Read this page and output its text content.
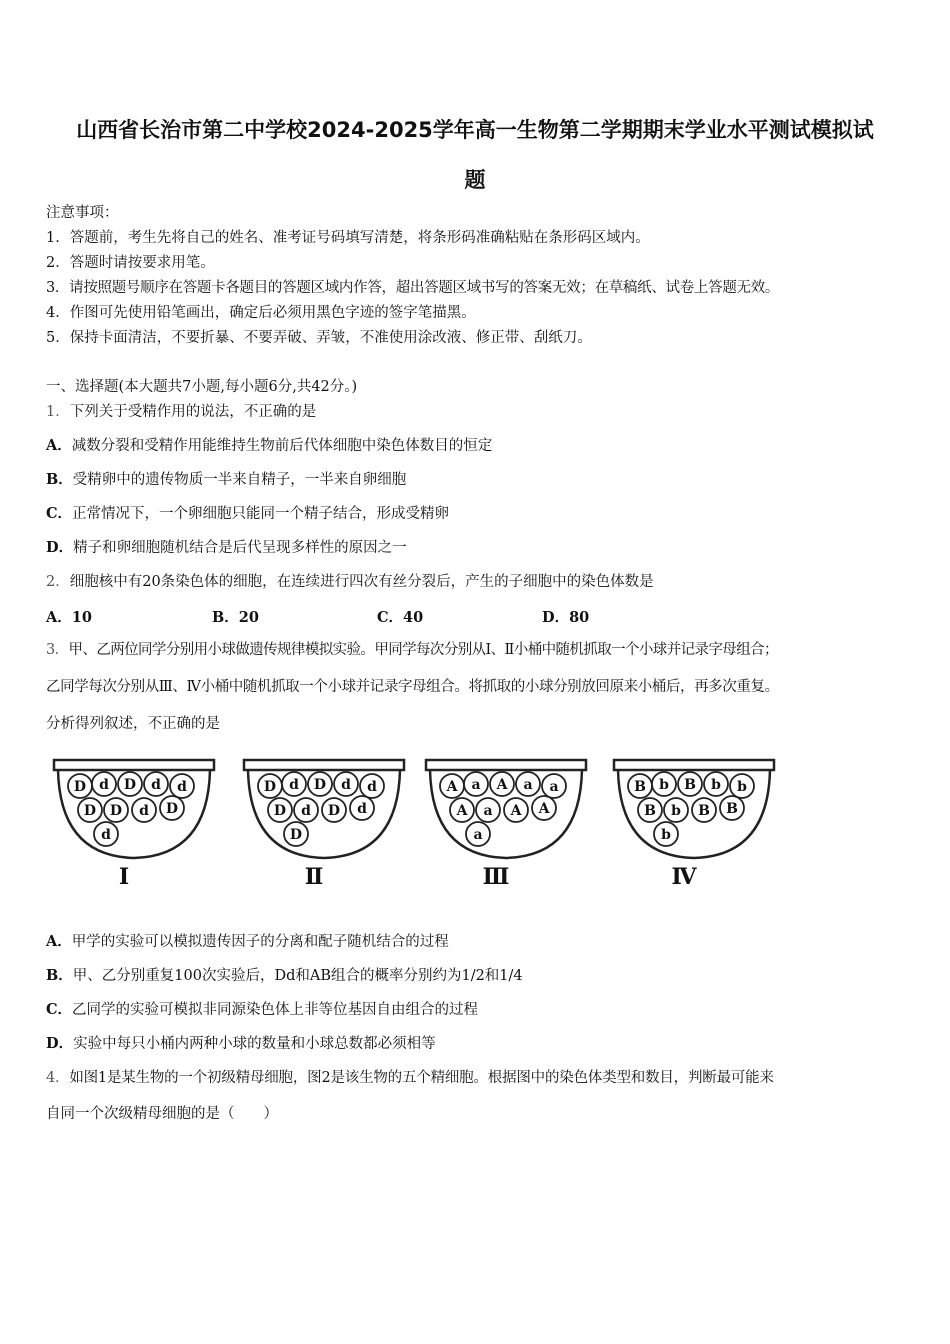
山西省长治市第二中学校2024-2025学年高一生物第二学期期末学业水平测试模拟试
题
注意事项：
1．答题前，考生先将自己的姓名、准考证号码填写清楚，将条形码准确粘贴在条形码区域内。
2．答题时请按要求用笔。
3．请按照题号顺序在答题卡各题目的答题区域内作答，超出答题区域书写的答案无效；在草稿纸、试卷上答题无效。
4．作图可先使用铅笔画出，确定后必须用黑色字迹的签字笔描黑。
5．保持卡面清洁，不要折暴、不要弄破、弄皱，不准使用涂改液、修正带、刮纸刀。
一、选择题(本大题共7小题,每小题6分,共42分。)
1．下列关于受精作用的说法，不正确的是
A．减数分裂和受精作用能维持生物前后代体细胞中染色体数目的恒定
B．受精卵中的遗传物质一半来自精子，一半来自卵细胞
C．正常情况下，一个卵细胞只能同一个精子结合，形成受精卵
D．精子和卵细胞随机结合是后代呈现多样性的原因之一
2．细胞核中有20条染色体的细胞，在连续进行四次有丝分裂后，产生的子细胞中的染色体数是
A．10	B．20	C．40	D．80
3．甲、乙两位同学分别用小球做遗传规律模拟实验。甲同学每次分别从Ⅰ、Ⅱ小桶中随机抓取一个小球并记录字母组合；
乙同学每次分别从Ⅲ、Ⅳ小桶中随机抓取一个小球并记录字母组合。将抓取的小球分别放回原来小桶后，再多次重复。
分析得列叙述，不正确的是
D d D d d
D D d D
d
Ⅰ
D d D d d
D d D d
D
Ⅱ
A a A a a
A a A A
a
Ⅲ
B b B b b
B b B B
b
Ⅳ
A．甲学的实验可以模拟遗传因子的分离和配子随机结合的过程
B．甲、乙分别重复100次实验后，Dd和AB组合的概率分别约为1/2和1/4
C．乙同学的实验可模拟非同源染色体上非等位基因自由组合的过程
D．实验中每只小桶内两种小球的数量和小球总数都必须相等
4．如图1是某生物的一个初级精母细胞，图2是该生物的五个精细胞。根据图中的染色体类型和数目，判断最可能来
自同一个次级精母细胞的是（　　）
